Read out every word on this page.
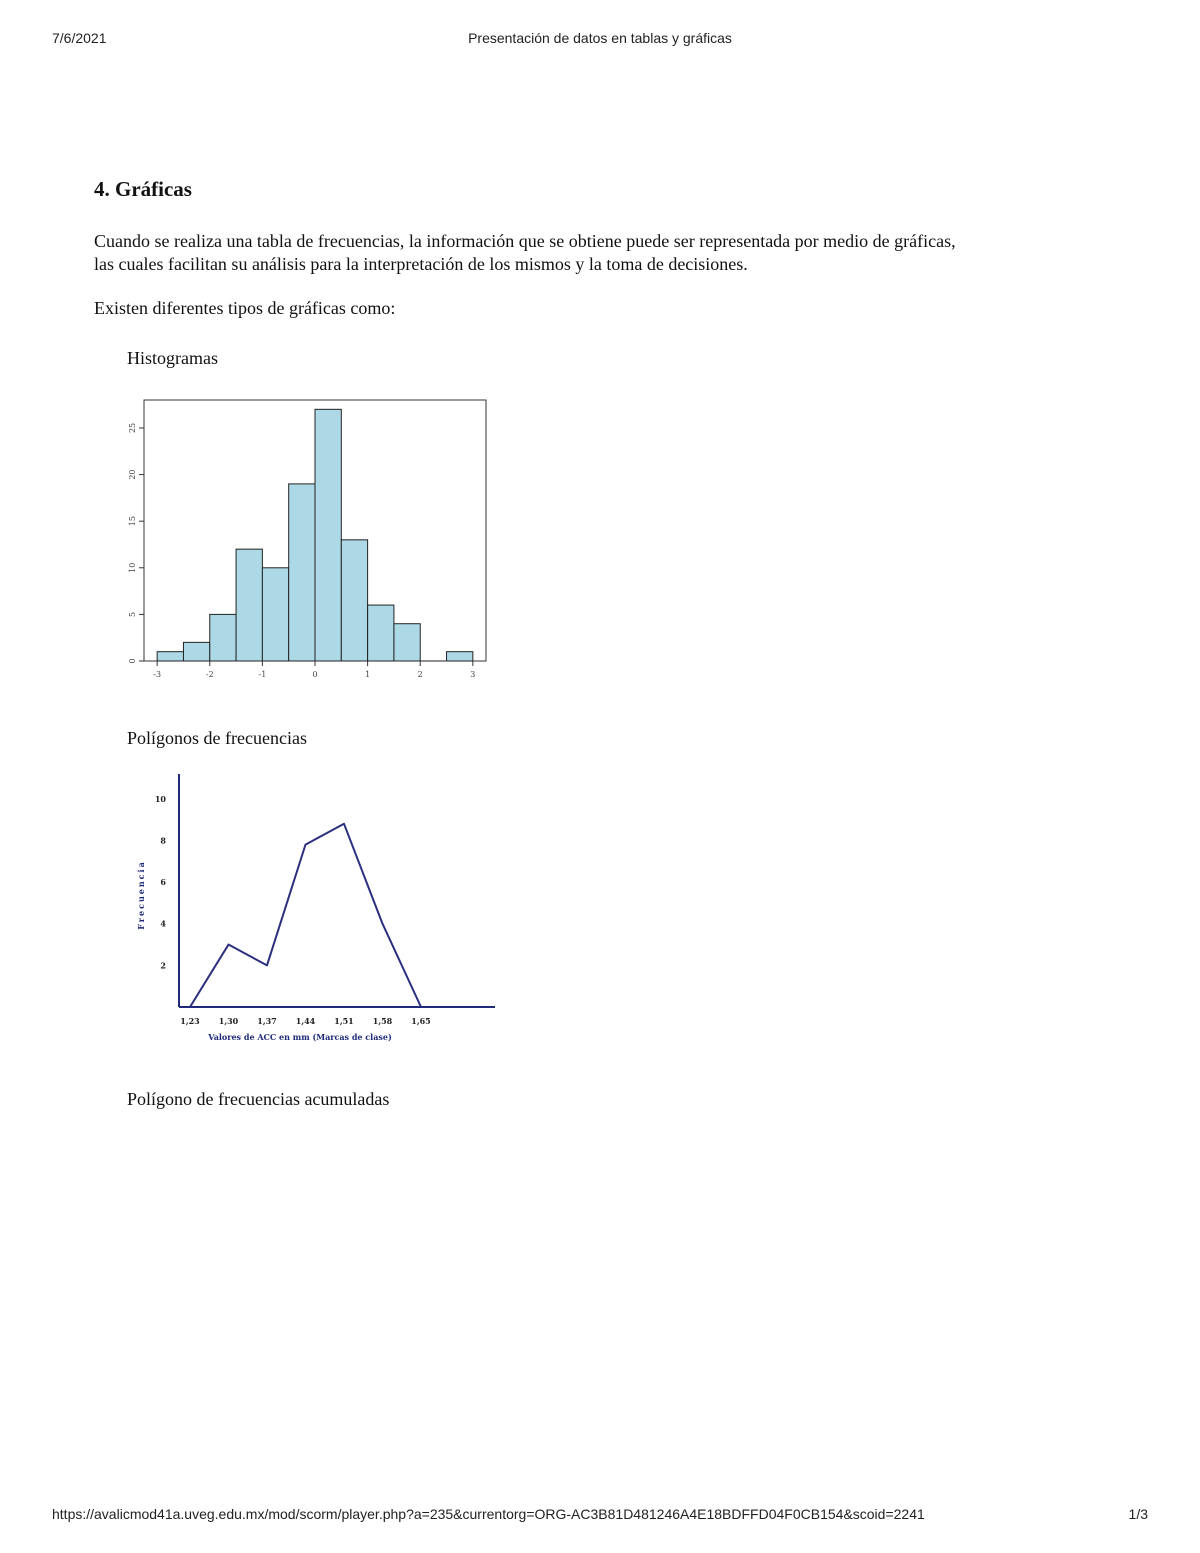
7/6/2021	Presentación de datos en tablas y gráficas
4. Gráficas
Cuando se realiza una tabla de frecuencias, la información que se obtiene puede ser representada por medio de gráficas,
las cuales facilitan su análisis para la interpretación de los mismos y la toma de decisiones.
Existen diferentes tipos de gráficas como:
Histogramas
-3	-2	-1	0	1	2	3
0
5
10
15
20
25
Polígonos de frecuencias
2
4
6
8
10
1,23 1,30 1,37 1,44 1,51 1,58 1,65
Valores de ACC en mm (Marcas de clase)
Frecuencia
Polígono de frecuencias acumuladas
https://avalicmod41a.uveg.edu.mx/mod/scorm/player.php?a=235&currentorg=ORG-AC3B81D481246A4E18BDFFD04F0CB154&scoid=2241	1/3
